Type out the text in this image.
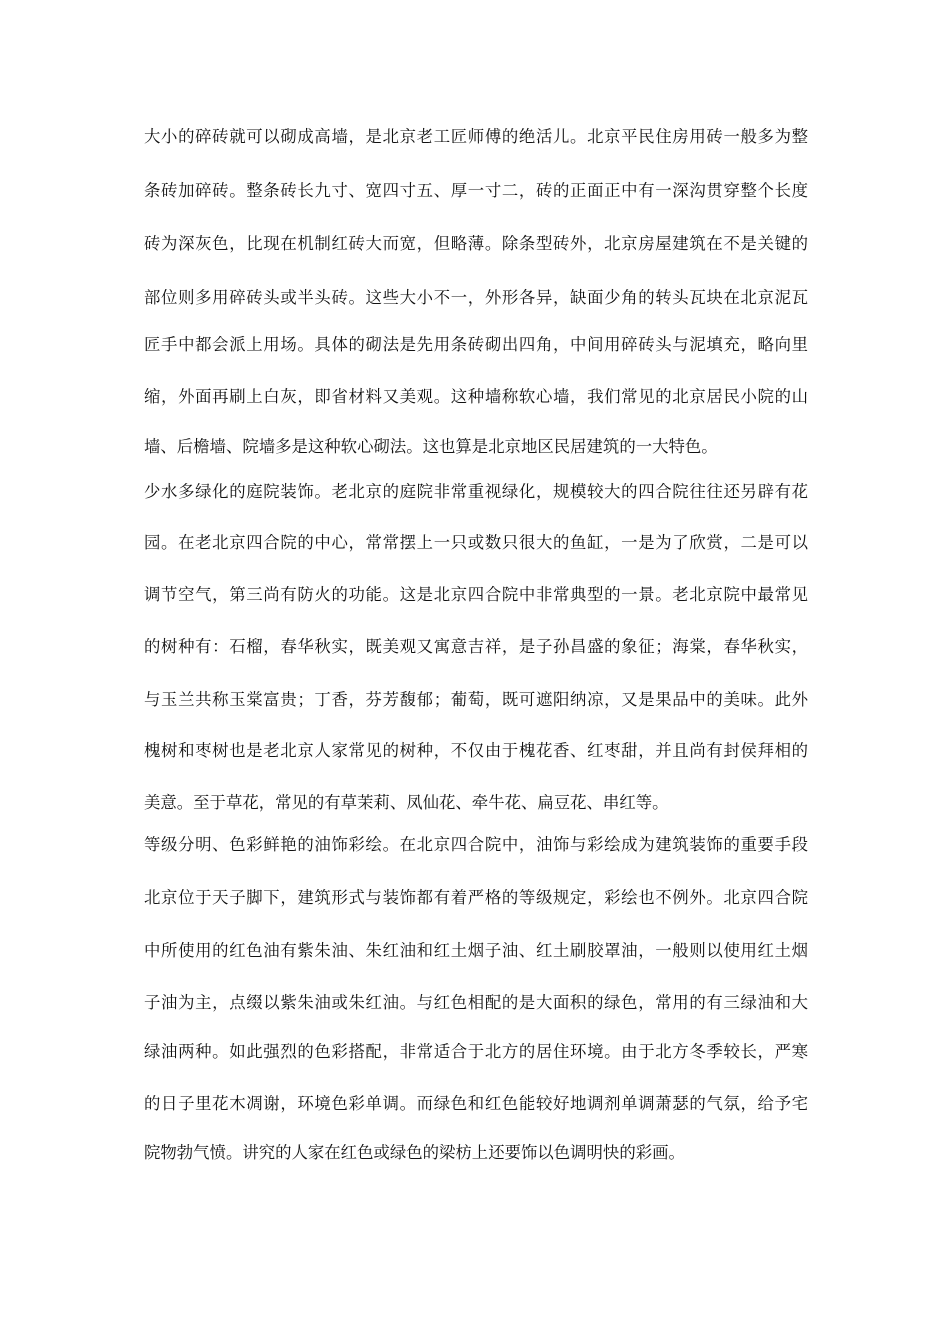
大小的碎砖就可以砌成高墙，是北京老工匠师傅的绝活儿。北京平民住房用砖一般多为整
条砖加碎砖。整条砖长九寸、宽四寸五、厚一寸二，砖的正面正中有一深沟贯穿整个长度
砖为深灰色，比现在机制红砖大而宽，但略薄。除条型砖外，北京房屋建筑在不是关键的
部位则多用碎砖头或半头砖。这些大小不一，外形各异，缺面少角的转头瓦块在北京泥瓦
匠手中都会派上用场。具体的砌法是先用条砖砌出四角，中间用碎砖头与泥填充，略向里
缩，外面再刷上白灰，即省材料又美观。这种墙称软心墙，我们常见的北京居民小院的山
墙、后檐墙、院墙多是这种软心砌法。这也算是北京地区民居建筑的一大特色。
少水多绿化的庭院装饰。老北京的庭院非常重视绿化，规模较大的四合院往往还另辟有花
园。在老北京四合院的中心，常常摆上一只或数只很大的鱼缸，一是为了欣赏，二是可以
调节空气，第三尚有防火的功能。这是北京四合院中非常典型的一景。老北京院中最常见
的树种有：石榴，春华秋实，既美观又寓意吉祥，是子孙昌盛的象征；海棠，春华秋实，
与玉兰共称玉棠富贵；丁香，芬芳馥郁；葡萄，既可遮阳纳凉，又是果品中的美味。此外
槐树和枣树也是老北京人家常见的树种，不仅由于槐花香、红枣甜，并且尚有封侯拜相的
美意。至于草花，常见的有草茉莉、凤仙花、牵牛花、扁豆花、串红等。
等级分明、色彩鲜艳的油饰彩绘。在北京四合院中，油饰与彩绘成为建筑装饰的重要手段
北京位于天子脚下，建筑形式与装饰都有着严格的等级规定，彩绘也不例外。北京四合院
中所使用的红色油有紫朱油、朱红油和红土烟子油、红土刷胶罩油，一般则以使用红土烟
子油为主，点缀以紫朱油或朱红油。与红色相配的是大面积的绿色，常用的有三绿油和大
绿油两种。如此强烈的色彩搭配，非常适合于北方的居住环境。由于北方冬季较长，严寒
的日子里花木凋谢，环境色彩单调。而绿色和红色能较好地调剂单调萧瑟的气氛，给予宅
院物勃气愤。讲究的人家在红色或绿色的梁枋上还要饰以色调明快的彩画。
